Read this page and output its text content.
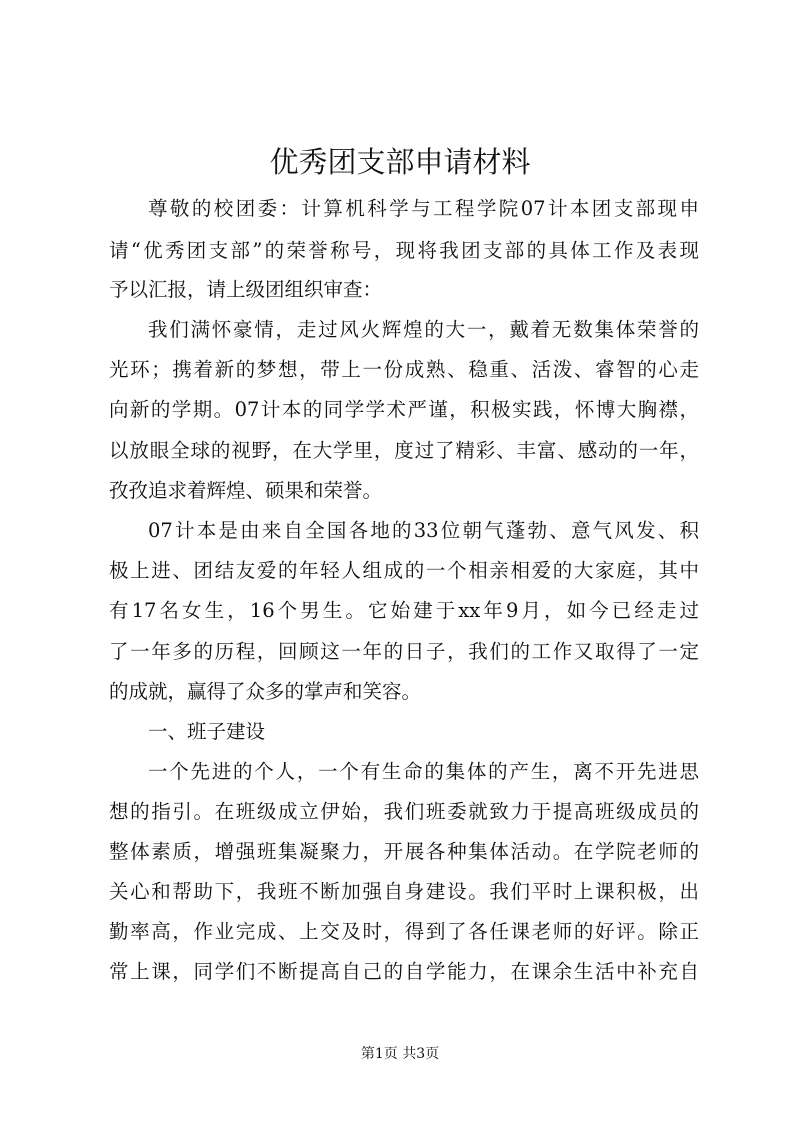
优秀团支部申请材料
尊敬的校团委：计算机科学与工程学院07计本团支部现申
请“优秀团支部”的荣誉称号，现将我团支部的具体工作及表现
予以汇报，请上级团组织审查：
我们满怀豪情，走过风火辉煌的大一，戴着无数集体荣誉的
光环；携着新的梦想，带上一份成熟、稳重、活泼、睿智的心走
向新的学期。07计本的同学学术严谨，积极实践，怀博大胸襟，
以放眼全球的视野，在大学里，度过了精彩、丰富、感动的一年，
孜孜追求着辉煌、硕果和荣誉。
07计本是由来自全国各地的33位朝气蓬勃、意气风发、积
极上进、团结友爱的年轻人组成的一个相亲相爱的大家庭，其中
有17名女生，16个男生。它始建于xx年9月，如今已经走过
了一年多的历程，回顾这一年的日子，我们的工作又取得了一定
的成就，赢得了众多的掌声和笑容。
一、班子建设
一个先进的个人，一个有生命的集体的产生，离不开先进思
想的指引。在班级成立伊始，我们班委就致力于提高班级成员的
整体素质，增强班集凝聚力，开展各种集体活动。在学院老师的
关心和帮助下，我班不断加强自身建设。我们平时上课积极，出
勤率高，作业完成、上交及时，得到了各任课老师的好评。除正
常上课，同学们不断提高自己的自学能力，在课余生活中补充自
第1页 共3页
